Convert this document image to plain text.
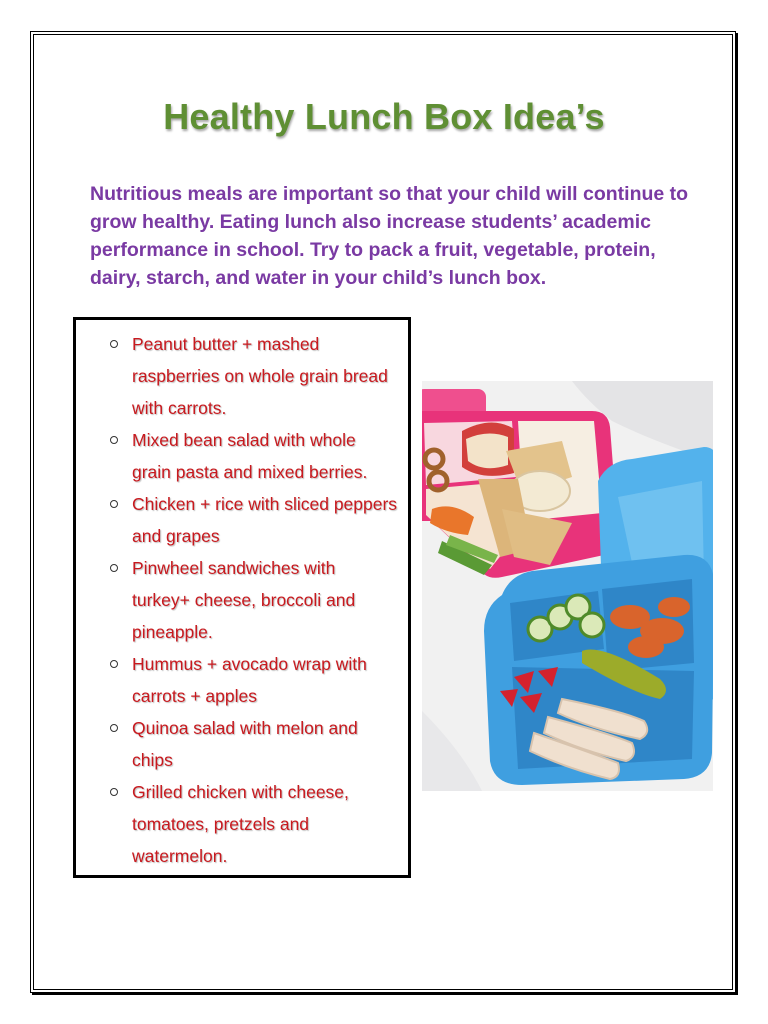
Healthy Lunch Box Idea’s
Nutritious meals are important so that your child will continue to grow healthy. Eating lunch also increase students’ academic performance in school. Try to pack a fruit, vegetable, protein, dairy, starch, and water in your child’s lunch box.
Peanut butter + mashed raspberries on whole grain bread with carrots.
Mixed bean salad with whole grain pasta and mixed berries.
Chicken + rice with sliced peppers and grapes
Pinwheel sandwiches with turkey+ cheese, broccoli and pineapple.
Hummus + avocado wrap with carrots + apples
Quinoa salad with melon and chips
Grilled chicken with cheese, tomatoes, pretzels and watermelon.
